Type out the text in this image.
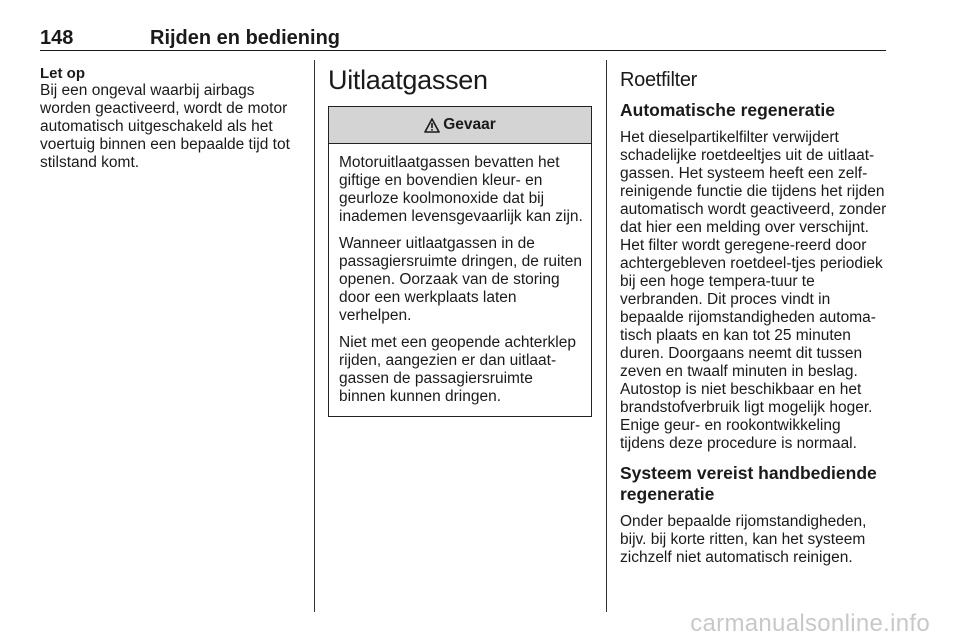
148	Rijden en bediening
Let op

Bij een ongeval waarbij airbags worden geactiveerd, wordt de motor automatisch uitgeschakeld als het voertuig binnen een bepaalde tijd tot stilstand komt.

Uitlaatgassen
Gevaar

Motoruitlaatgassen bevatten het giftige en bovendien kleur- en geurloze koolmonoxide dat bij inademen levensgevaarlijk kan zijn.

Wanneer uitlaatgassen in de passagiersruimte dringen, de ruiten openen. Oorzaak van de storing door een werkplaats laten verhelpen.

Niet met een geopende achterklep rijden, aangezien er dan uitlaat-gassen de passagiersruimte binnen kunnen dringen.

Roetfilter
Automatische regeneratie

Het dieselpartikelfilter verwijdert schadelijke roetdeeltjes uit de uitlaat-gassen. Het systeem heeft een zelf-reinigende functie die tijdens het rijden automatisch wordt geactiveerd, zonder dat hier een melding over verschijnt. Het filter wordt geregene-reerd door achtergebleven roetdeel-tjes periodiek bij een hoge tempera-tuur te verbranden. Dit proces vindt in bepaalde rijomstandigheden automa-tisch plaats en kan tot 25 minuten duren. Doorgaans neemt dit tussen zeven en twaalf minuten in beslag. Autostop is niet beschikbaar en het brandstofverbruik ligt mogelijk hoger. Enige geur- en rookontwikkeling tijdens deze procedure is normaal.

Systeem vereist handbediende regeneratie

Onder bepaalde rijomstandigheden, bijv. bij korte ritten, kan het systeem zichzelf niet automatisch reinigen.

carmanualsonline.info
